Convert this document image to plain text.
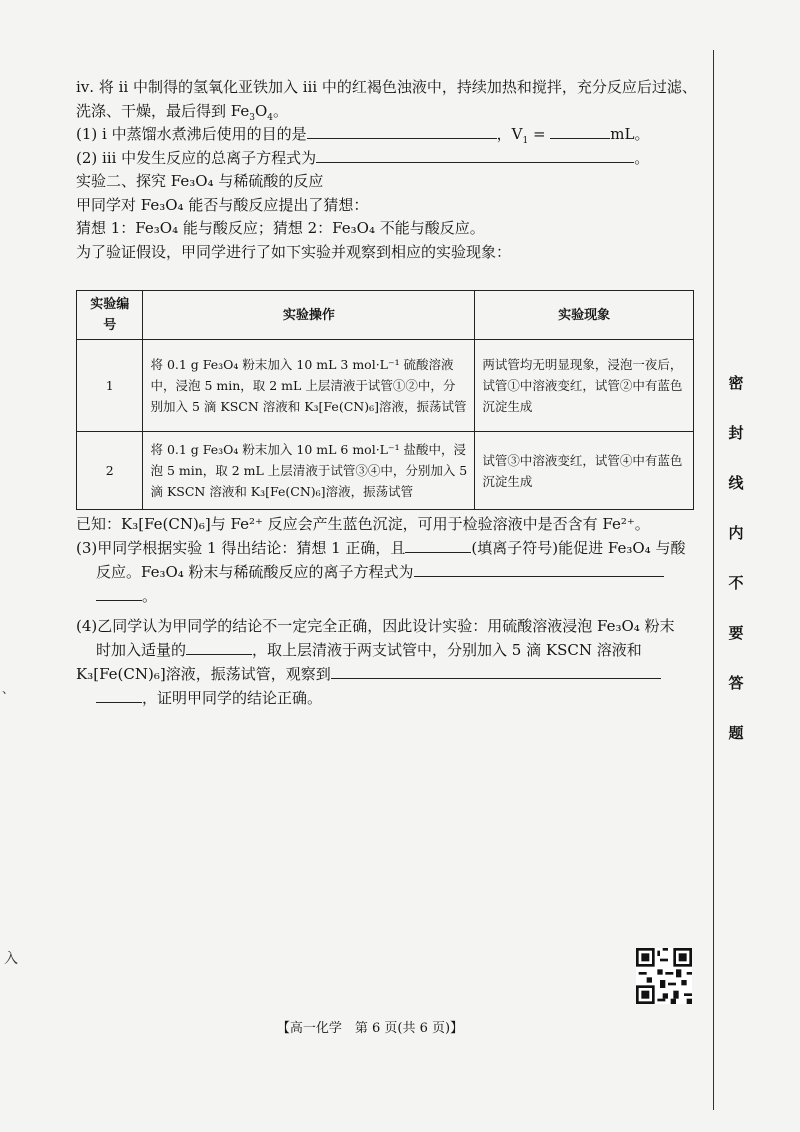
ⅳ. 将 ⅱ 中制得的氢氧化亚铁加入 ⅲ 中的红褐色浊液中，持续加热和搅拌，充分反应后过滤、
洗涤、干燥，最后得到 $Fe_3O_4$。
(1) ⅰ 中蒸馏水煮沸后使用的目的是	，$V_1$ =	mL。
(2) ⅲ 中发生反应的总离子方程式为	。
实验二、探究 Fe₃O₄ 与稀硫酸的反应
甲同学对 Fe₃O₄ 能否与酸反应提出了猜想：
猜想 1：Fe₃O₄ 能与酸反应；猜想 2：Fe₃O₄ 不能与酸反应。
为了验证假设，甲同学进行了如下实验并观察到相应的实验现象：
实验编号	实验操作	实验现象
1	将 0.1 g Fe₃O₄ 粉末加入 10 mL 3 mol·L⁻¹ 硫酸溶液中，浸泡 5 min，取 2 mL 上层清液于试管①②中，分别加入 5 滴 KSCN 溶液和 K₃[Fe(CN)₆]溶液，振荡试管	两试管均无明显现象，浸泡一夜后，试管①中溶液变红，试管②中有蓝色沉淀生成
2	将 0.1 g Fe₃O₄ 粉末加入 10 mL 6 mol·L⁻¹ 盐酸中，浸泡 5 min，取 2 mL 上层清液于试管③④中，分别加入 5 滴 KSCN 溶液和 K₃[Fe(CN)₆]溶液，振荡试管	试管③中溶液变红，试管④中有蓝色沉淀生成
已知：K₃[Fe(CN)₆]与 Fe²⁺ 反应会产生蓝色沉淀，可用于检验溶液中是否含有 Fe²⁺。
(3)甲同学根据实验 1 得出结论：猜想 1 正确，且	(填离子符号)能促进 Fe₃O₄ 与酸
反应。Fe₃O₄ 粉末与稀硫酸反应的离子方程式为
。
(4)乙同学认为甲同学的结论不一定完全正确，因此设计实验：用硫酸溶液浸泡 Fe₃O₄ 粉末
时加入适量的	，取上层清液于两支试管中，分别加入 5 滴 KSCN 溶液和
K₃[Fe(CN)₆]溶液，振荡试管，观察到
，证明甲同学的结论正确。
密
封
线
内
不
要
答
题
入
、
【高一化学　第 6 页(共 6 页)】
